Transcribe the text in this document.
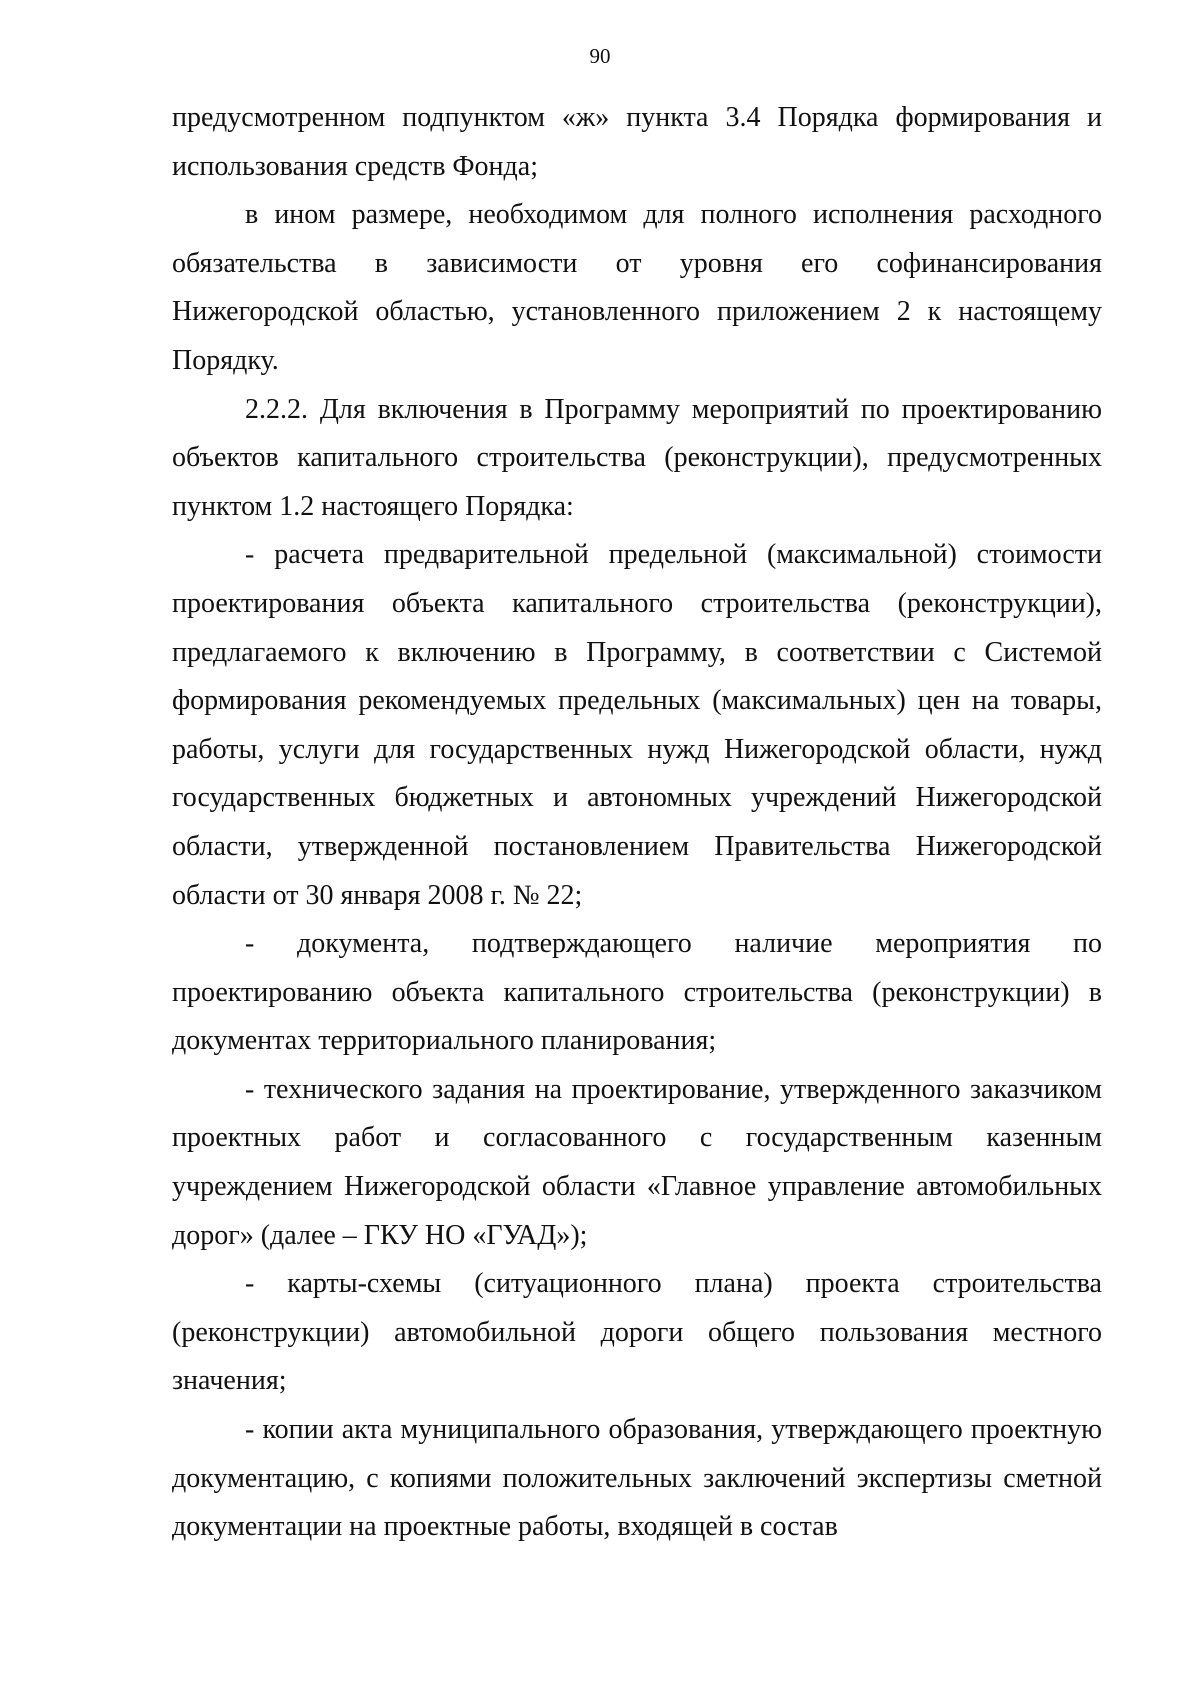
90

предусмотренном подпунктом «ж» пункта 3.4 Порядка формирования и использования средств Фонда;

в ином размере, необходимом для полного исполнения расходного обязательства в зависимости от уровня его софинансирования Нижегородской областью, установленного приложением 2 к настоящему Порядку.

2.2.2. Для включения в Программу мероприятий по проектированию объектов капитального строительства (реконструкции), предусмотренных пунктом 1.2 настоящего Порядка:

- расчета предварительной предельной (максимальной) стоимости проектирования объекта капитального строительства (реконструкции), предлагаемого к включению в Программу, в соответствии с Системой формирования рекомендуемых предельных (максимальных) цен на товары, работы, услуги для государственных нужд Нижегородской области, нужд государственных бюджетных и автономных учреждений Нижегородской области, утвержденной постановлением Правительства Нижегородской области от 30 января 2008 г. № 22;

- документа, подтверждающего наличие мероприятия по проектированию объекта капитального строительства (реконструкции) в документах территориального планирования;

- технического задания на проектирование, утвержденного заказчиком проектных работ и согласованного с государственным казенным учреждением Нижегородской области «Главное управление автомобильных дорог» (далее – ГКУ НО «ГУАД»);

- карты-схемы (ситуационного плана) проекта строительства (реконструкции) автомобильной дороги общего пользования местного значения;

- копии акта муниципального образования, утверждающего проектную документацию, с копиями положительных заключений экспертизы сметной документации на проектные работы, входящей в состав
